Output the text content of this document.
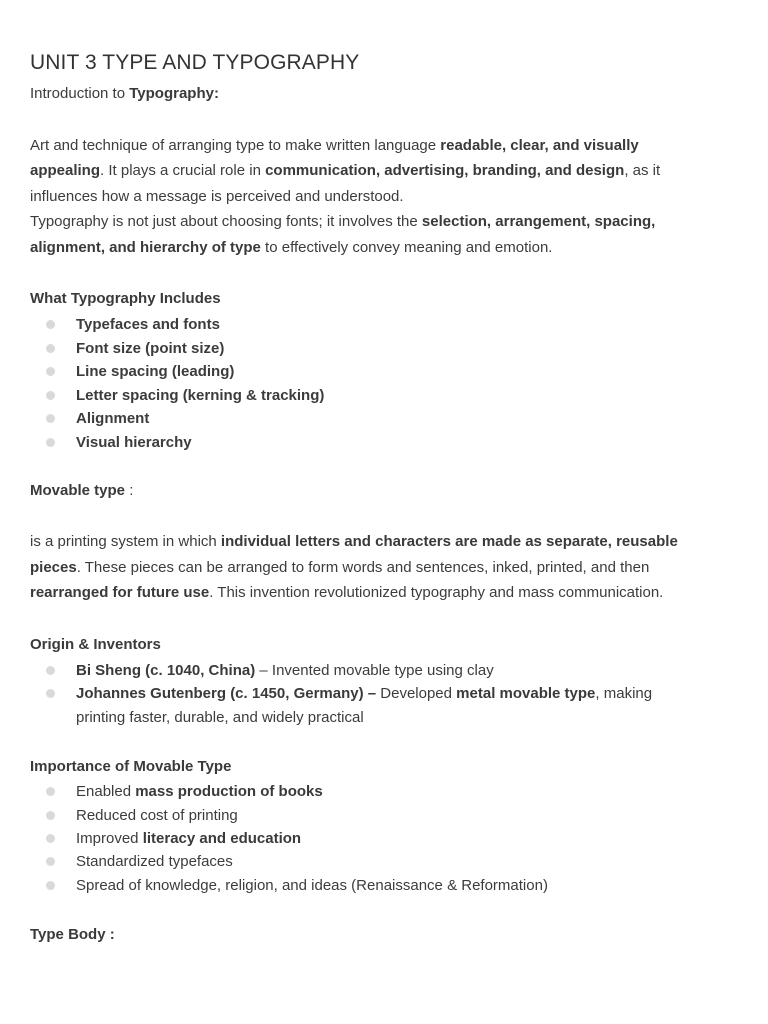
UNIT 3 TYPE AND TYPOGRAPHY
Introduction to Typography:
Art and technique of arranging type to make written language readable, clear, and visually
appealing. It plays a crucial role in communication, advertising, branding, and design, as it
influences how a message is perceived and understood.
Typography is not just about choosing fonts; it involves the selection, arrangement, spacing,
alignment, and hierarchy of type to effectively convey meaning and emotion.
What Typography Includes
Typefaces and fonts
Font size (point size)
Line spacing (leading)
Letter spacing (kerning & tracking)
Alignment
Visual hierarchy
Movable type :
is a printing system in which individual letters and characters are made as separate, reusable
pieces. These pieces can be arranged to form words and sentences, inked, printed, and then
rearranged for future use. This invention revolutionized typography and mass communication.
Origin & Inventors
Bi Sheng (c. 1040, China) – Invented movable type using clay
Johannes Gutenberg (c. 1450, Germany) – Developed metal movable type, making
printing faster, durable, and widely practical
Importance of Movable Type
Enabled mass production of books
Reduced cost of printing
Improved literacy and education
Standardized typefaces
Spread of knowledge, religion, and ideas (Renaissance & Reformation)
Type Body :
